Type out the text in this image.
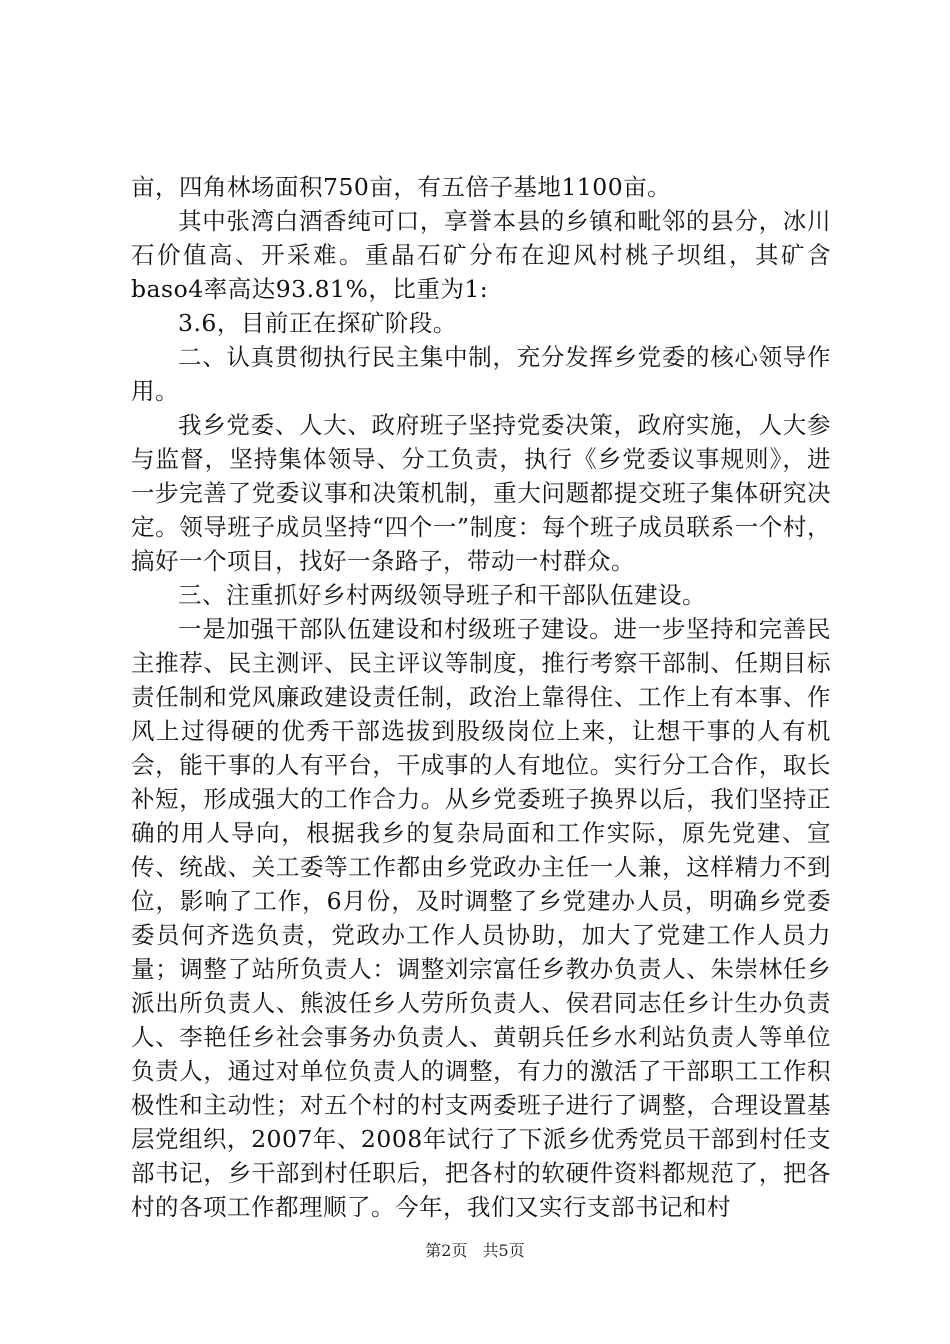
亩，四角林场面积750亩，有五倍子基地1100亩。

其中张湾白酒香纯可口，享誉本县的乡镇和毗邻的县分，冰川石价值高、开采难。重晶石矿分布在迎风村桃子坝组，其矿含baso4率高达93.81%，比重为1:

3.6，目前正在探矿阶段。

二、认真贯彻执行民主集中制，充分发挥乡党委的核心领导作用。

我乡党委、人大、政府班子坚持党委决策，政府实施，人大参与监督，坚持集体领导、分工负责，执行《乡党委议事规则》，进一步完善了党委议事和决策机制，重大问题都提交班子集体研究决定。领导班子成员坚持“四个一”制度：每个班子成员联系一个村，搞好一个项目，找好一条路子，带动一村群众。

三、注重抓好乡村两级领导班子和干部队伍建设。

一是加强干部队伍建设和村级班子建设。进一步坚持和完善民主推荐、民主测评、民主评议等制度，推行考察干部制、任期目标责任制和党风廉政建设责任制，政治上靠得住、工作上有本事、作风上过得硬的优秀干部选拔到股级岗位上来，让想干事的人有机会，能干事的人有平台，干成事的人有地位。实行分工合作，取长补短，形成强大的工作合力。从乡党委班子换界以后，我们坚持正确的用人导向，根据我乡的复杂局面和工作实际，原先党建、宣传、统战、关工委等工作都由乡党政办主任一人兼，这样精力不到位，影响了工作，6月份，及时调整了乡党建办人员，明确乡党委委员何齐选负责，党政办工作人员协助，加大了党建工作人员力量；调整了站所负责人：调整刘宗富任乡教办负责人、朱崇林任乡派出所负责人、熊波任乡人劳所负责人、侯君同志任乡计生办负责人、李艳任乡社会事务办负责人、黄朝兵任乡水利站负责人等单位负责人，通过对单位负责人的调整，有力的激活了干部职工工作积极性和主动性；对五个村的村支两委班子进行了调整，合理设置基层党组织，2007年、2008年试行了下派乡优秀党员干部到村任支部书记，乡干部到村任职后，把各村的软硬件资料都规范了，把各村的各项工作都理顺了。今年，我们又实行支部书记和村

第2页 共5页
